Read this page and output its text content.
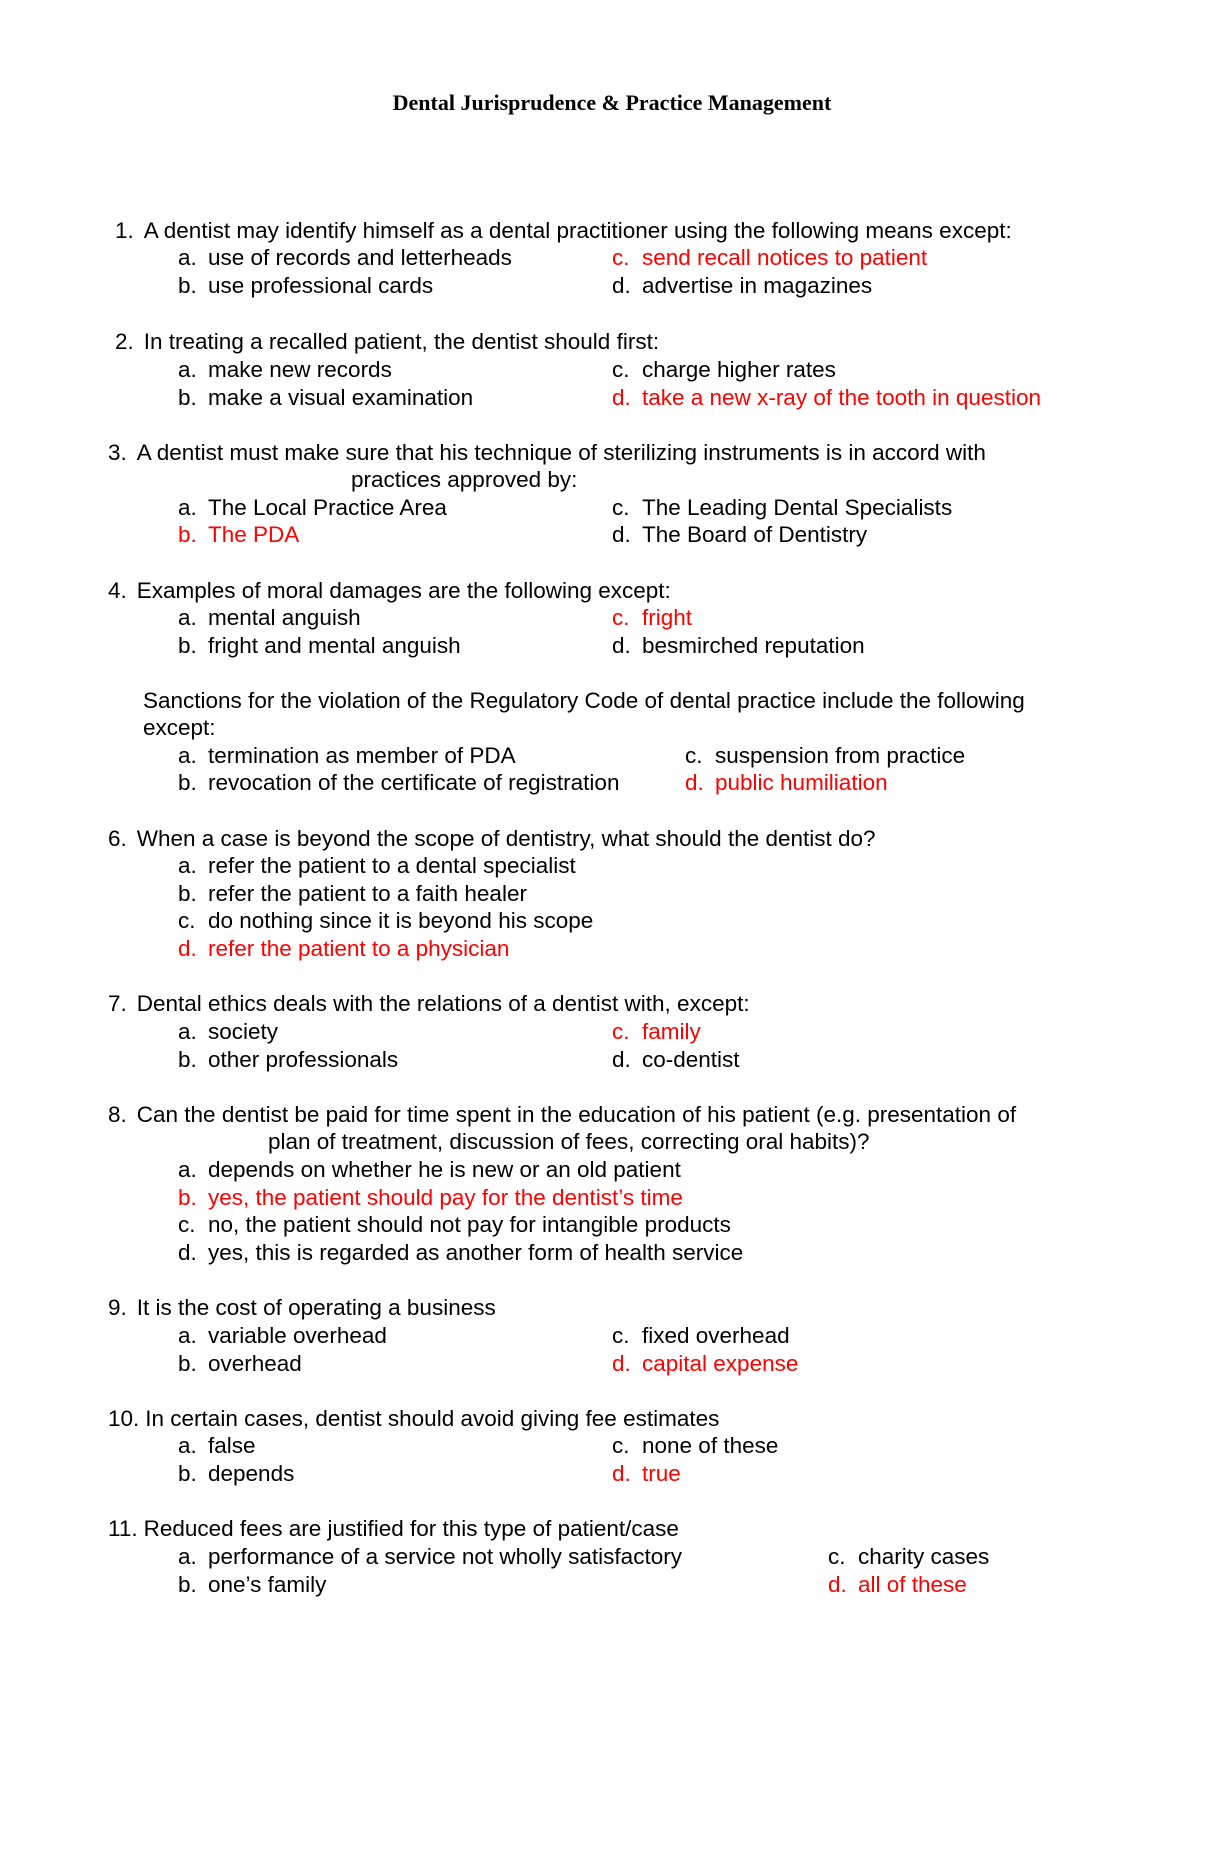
Dental Jurisprudence & Practice Management
1. A dentist may identify himself as a dental practitioner using the following means except:
a. use of records and letterheads
b. use professional cards
c. send recall notices to patient
d. advertise in magazines
2. In treating a recalled patient, the dentist should first:
a. make new records
b. make a visual examination
c. charge higher rates
d. take a new x-ray of the tooth in question
3. A dentist must make sure that his technique of sterilizing instruments is in accord with
practices approved by:
a. The Local Practice Area
b. The PDA
c. The Leading Dental Specialists
d. The Board of Dentistry
4. Examples of moral damages are the following except:
a. mental anguish
b. fright and mental anguish
c. fright
d. besmirched reputation
Sanctions for the violation of the Regulatory Code of dental practice include the following
except:
a. termination as member of PDA
b. revocation of the certificate of registration
c. suspension from practice
d. public humiliation
6. When a case is beyond the scope of dentistry, what should the dentist do?
a. refer the patient to a dental specialist
b. refer the patient to a faith healer
c. do nothing since it is beyond his scope
d. refer the patient to a physician
7. Dental ethics deals with the relations of a dentist with, except:
a. society
b. other professionals
c. family
d. co-dentist
8. Can the dentist be paid for time spent in the education of his patient (e.g. presentation of
plan of treatment, discussion of fees, correcting oral habits)?
a. depends on whether he is new or an old patient
b. yes, the patient should pay for the dentist’s time
c. no, the patient should not pay for intangible products
d. yes, this is regarded as another form of health service
9. It is the cost of operating a business
a. variable overhead
b. overhead
c. fixed overhead
d. capital expense
10. In certain cases, dentist should avoid giving fee estimates
a. false
b. depends
c. none of these
d. true
11. Reduced fees are justified for this type of patient/case
a. performance of a service not wholly satisfactory
b. one’s family
c. charity cases
d. all of these
